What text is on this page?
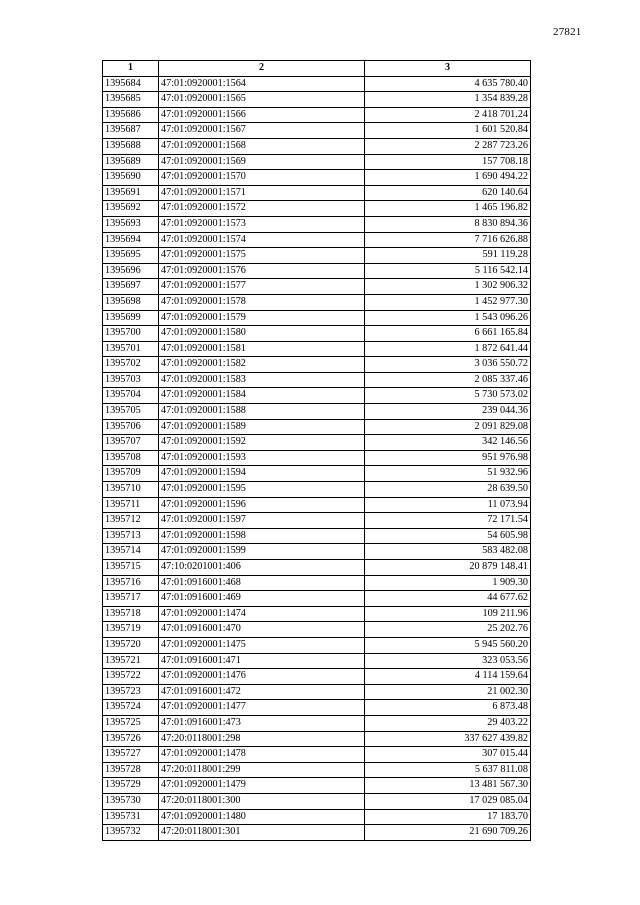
27821
1	2	3
1395684	47:01:0920001:1564	4 635 780.40
1395685	47:01:0920001:1565	1 354 839.28
1395686	47:01:0920001:1566	2 418 701.24
1395687	47:01:0920001:1567	1 601 520.84
1395688	47:01:0920001:1568	2 287 723.26
1395689	47:01:0920001:1569	157 708.18
1395690	47:01:0920001:1570	1 690 494.22
1395691	47:01:0920001:1571	620 140.64
1395692	47:01:0920001:1572	1 465 196.82
1395693	47:01:0920001:1573	8 830 894.36
1395694	47:01:0920001:1574	7 716 626.88
1395695	47:01:0920001:1575	591 119.28
1395696	47:01:0920001:1576	5 116 542.14
1395697	47:01:0920001:1577	1 302 906.32
1395698	47:01:0920001:1578	1 452 977.30
1395699	47:01:0920001:1579	1 543 096.26
1395700	47:01:0920001:1580	6 661 165.84
1395701	47:01:0920001:1581	1 872 641.44
1395702	47:01:0920001:1582	3 036 550.72
1395703	47:01:0920001:1583	2 085 337.46
1395704	47:01:0920001:1584	5 730 573.02
1395705	47:01:0920001:1588	239 044.36
1395706	47:01:0920001:1589	2 091 829.08
1395707	47:01:0920001:1592	342 146.56
1395708	47:01:0920001:1593	951 976.98
1395709	47:01:0920001:1594	51 932.96
1395710	47:01:0920001:1595	28 639.50
1395711	47:01:0920001:1596	11 073.94
1395712	47:01:0920001:1597	72 171.54
1395713	47:01:0920001:1598	54 605.98
1395714	47:01:0920001:1599	583 482.08
1395715	47:10:0201001:406	20 879 148.41
1395716	47:01:0916001:468	1 909.30
1395717	47:01:0916001:469	44 677.62
1395718	47:01:0920001:1474	109 211.96
1395719	47:01:0916001:470	25 202.76
1395720	47:01:0920001:1475	5 945 560.20
1395721	47:01:0916001:471	323 053.56
1395722	47:01:0920001:1476	4 114 159.64
1395723	47:01:0916001:472	21 002.30
1395724	47:01:0920001:1477	6 873.48
1395725	47:01:0916001:473	29 403.22
1395726	47:20:0118001:298	337 627 439.82
1395727	47:01:0920001:1478	307 015.44
1395728	47:20:0118001:299	5 637 811.08
1395729	47:01:0920001:1479	13 481 567.30
1395730	47:20:0118001:300	17 029 085.04
1395731	47:01:0920001:1480	17 183.70
1395732	47:20:0118001:301	21 690 709.26
